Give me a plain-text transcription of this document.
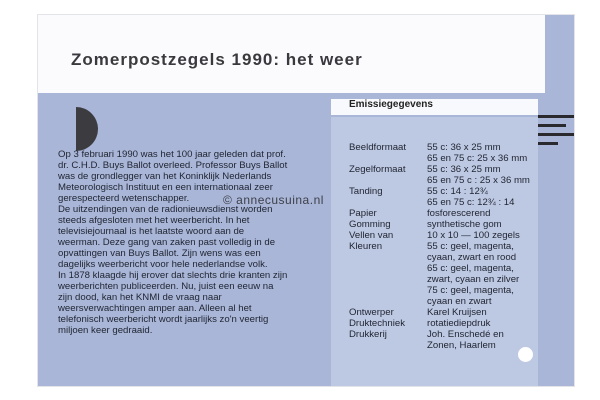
Zomerpostzegels 1990: het weer

Op 3 februari 1990 was het 100 jaar geleden dat prof.

dr. C.H.D. Buys Ballot overleed. Professor Buys Ballot

was de grondlegger van het Koninklijk Nederlands

Meteorologisch Instituut en een internationaal zeer

gerespecteerd wetenschapper.

De uitzendingen van de radionieuwsdienst worden

steeds afgesloten met het weerbericht. In het

televisiejournaal is het laatste woord aan de

weerman. Deze gang van zaken past volledig in de

opvattingen van Buys Ballot. Zijn wens was een

dagelijks weerbericht voor hele nederlandse volk.

In 1878 klaagde hij erover dat slechts drie kranten zijn

weerberichten publiceerden. Nu, juist een eeuw na

zijn dood, kan het KNMI de vraag naar

weersverwachtingen amper aan. Alleen al het

telefonisch weerbericht wordt jaarlijks zo'n veertig

miljoen keer gedraaid.

Emissiegegevens
Beeldformaat 55 c: 36 x 25 mm
65 en 75 c: 25 x 36 mm
Zegelformaat 55 c: 36 x 25 mm
65 en 75 c : 25 x 36 mm
Tanding	55 c: 14 : 12¾
65 en 75 c: 12¾ : 14
Papier	fosforescerend
Gomming	synthetische gom
Vellen van	10 x 10 — 100 zegels
Kleuren	55 c: geel, magenta,
cyaan, zwart en rood
65 c: geel, magenta,
zwart, cyaan en zilver
75 c: geel, magenta,
cyaan en zwart
Ontwerper	Karel Kruijsen
Druktechniek rotatiediepdruk
Drukkerij	Joh. Enschedé en
Zonen, Haarlem
© annecusuina.nl
